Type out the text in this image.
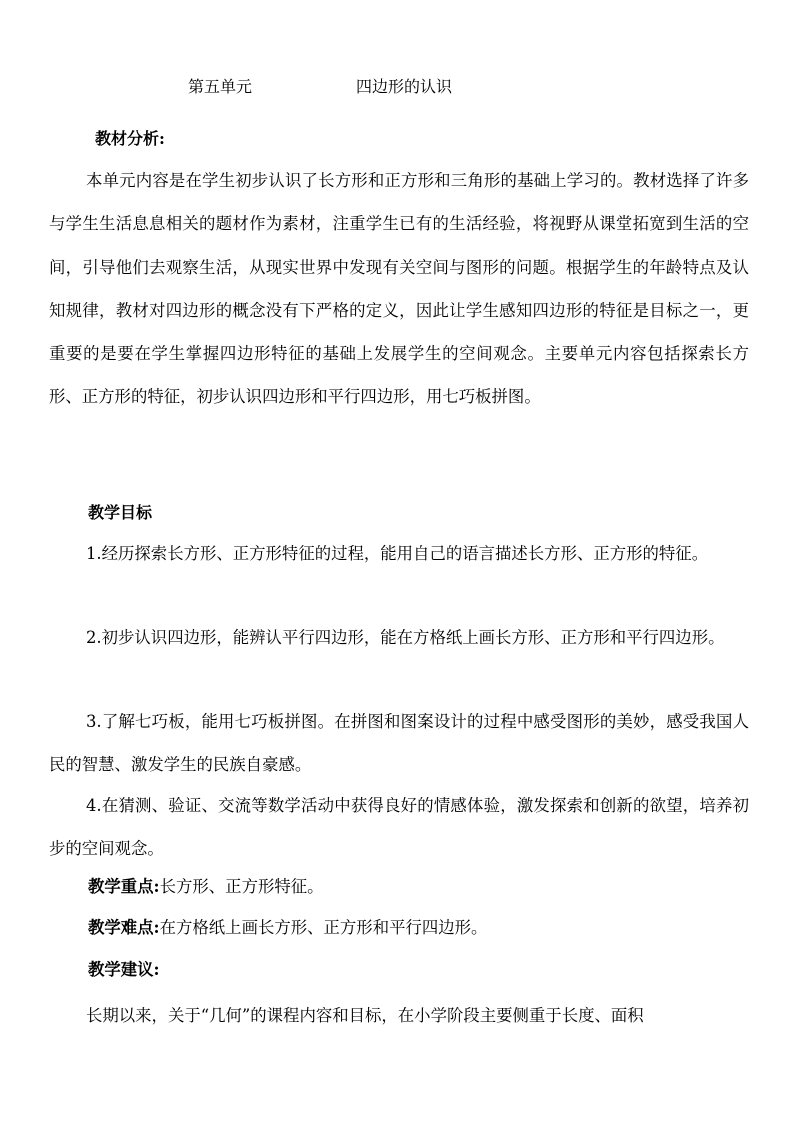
第五单元	四边形的认识
教材分析:

本单元内容是在学生初步认识了长方形和正方形和三角形的基础上学习的。教材选择了许多与学生生活息息相关的题材作为素材，注重学生已有的生活经验，将视野从课堂拓宽到生活的空间，引导他们去观察生活，从现实世界中发现有关空间与图形的问题。根据学生的年龄特点及认知规律，教材对四边形的概念没有下严格的定义，因此让学生感知四边形的特征是目标之一，更重要的是要在学生掌握四边形特征的基础上发展学生的空间观念。主要单元内容包括探索长方形、正方形的特征，初步认识四边形和平行四边形，用七巧板拼图。

教学目标

1.经历探索长方形、正方形特征的过程，能用自己的语言描述长方形、正方形的特征。

2.初步认识四边形，能辨认平行四边形，能在方格纸上画长方形、正方形和平行四边形。

3.了解七巧板，能用七巧板拼图。在拼图和图案设计的过程中感受图形的美妙，感受我国人民的智慧、激发学生的民族自豪感。

4.在猜测、验证、交流等数学活动中获得良好的情感体验，激发探索和创新的欲望，培养初步的空间观念。

教学重点:长方形、正方形特征。
教学难点:在方格纸上画长方形、正方形和平行四边形。
教学建议:

长期以来，关于“几何”的课程内容和目标，在小学阶段主要侧重于长度、面积
